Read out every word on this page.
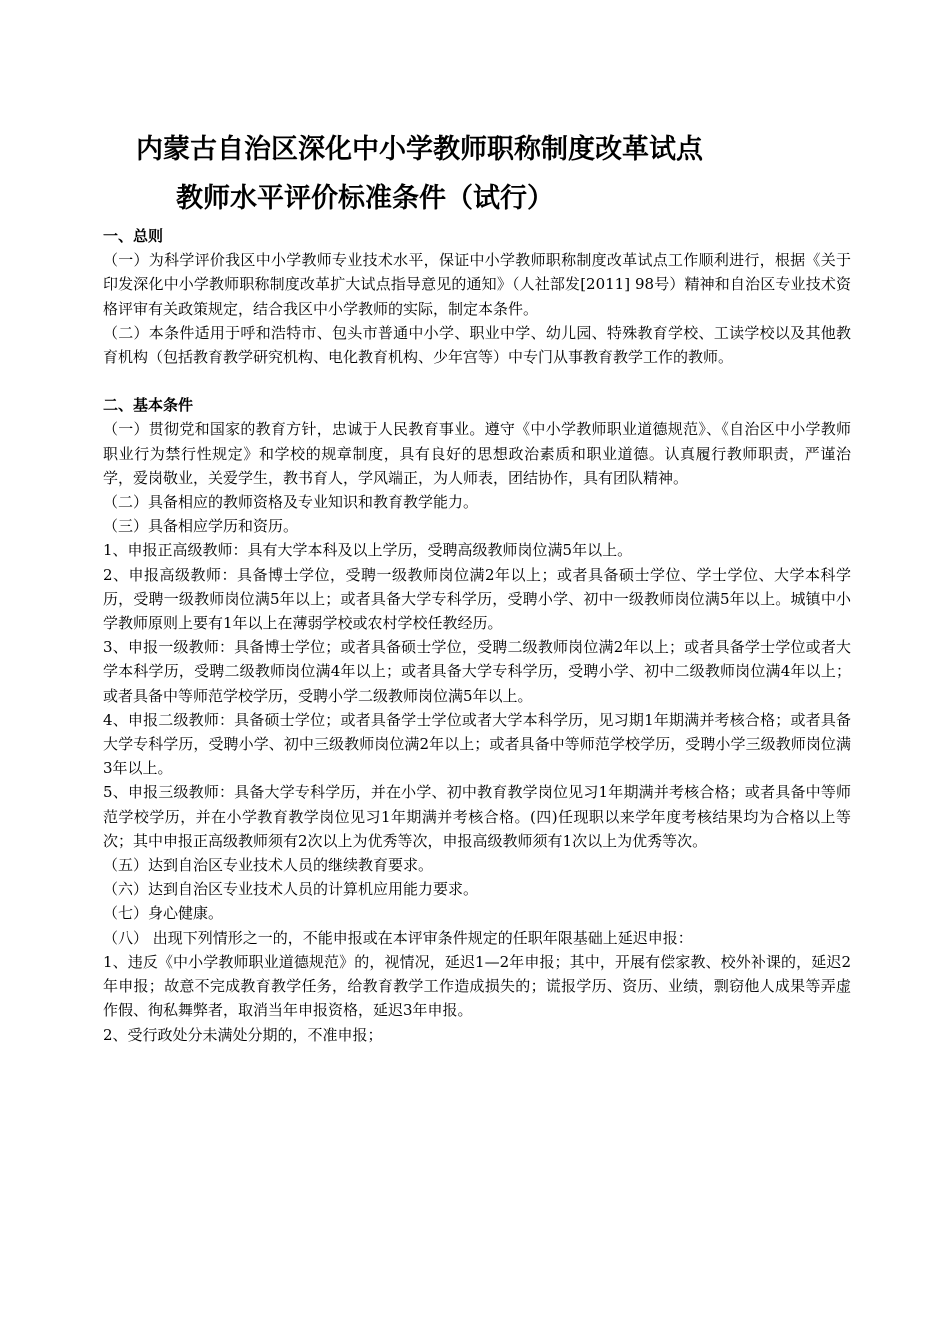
内蒙古自治区深化中小学教师职称制度改革试点
教师水平评价标准条件（试行）

一、总则

（一）为科学评价我区中小学教师专业技术水平，保证中小学教师职称制度改革试点工作顺利进行，根据《关于印发深化中小学教师职称制度改革扩大试点指导意见的通知》（人社部发[2011] 98号）精神和自治区专业技术资格评审有关政策规定，结合我区中小学教师的实际，制定本条件。

（二）本条件适用于呼和浩特市、包头市普通中小学、职业中学、幼儿园、特殊教育学校、工读学校以及其他教育机构（包括教育教学研究机构、电化教育机构、少年宫等）中专门从事教育教学工作的教师。

二、基本条件

（一）贯彻党和国家的教育方针，忠诚于人民教育事业。遵守《中小学教师职业道德规范》、《自治区中小学教师职业行为禁行性规定》和学校的规章制度，具有良好的思想政治素质和职业道德。认真履行教师职责，严谨治学，爱岗敬业，关爱学生，教书育人，学风端正，为人师表，团结协作，具有团队精神。

（二）具备相应的教师资格及专业知识和教育教学能力。

（三）具备相应学历和资历。

1、申报正高级教师：具有大学本科及以上学历，受聘高级教师岗位满5年以上。

2、申报高级教师：具备博士学位，受聘一级教师岗位满2年以上；或者具备硕士学位、学士学位、大学本科学历，受聘一级教师岗位满5年以上；或者具备大学专科学历，受聘小学、初中一级教师岗位满5年以上。城镇中小学教师原则上要有1年以上在薄弱学校或农村学校任教经历。

3、申报一级教师：具备博士学位；或者具备硕士学位，受聘二级教师岗位满2年以上；或者具备学士学位或者大学本科学历，受聘二级教师岗位满4年以上；或者具备大学专科学历，受聘小学、初中二级教师岗位满4年以上；或者具备中等师范学校学历，受聘小学二级教师岗位满5年以上。

4、申报二级教师：具备硕士学位；或者具备学士学位或者大学本科学历，见习期1年期满并考核合格；或者具备大学专科学历，受聘小学、初中三级教师岗位满2年以上；或者具备中等师范学校学历，受聘小学三级教师岗位满3年以上。

5、申报三级教师：具备大学专科学历，并在小学、初中教育教学岗位见习1年期满并考核合格；或者具备中等师范学校学历，并在小学教育教学岗位见习1年期满并考核合格。(四)任现职以来学年度考核结果均为合格以上等次；其中申报正高级教师须有2次以上为优秀等次，申报高级教师须有1次以上为优秀等次。

（五）达到自治区专业技术人员的继续教育要求。

（六）达到自治区专业技术人员的计算机应用能力要求。

（七）身心健康。

（八） 出现下列情形之一的，不能申报或在本评审条件规定的任职年限基础上延迟申报：

1、违反《中小学教师职业道德规范》的，视情况，延迟1—2年申报；其中，开展有偿家教、校外补课的，延迟2年申报；故意不完成教育教学任务，给教育教学工作造成损失的；谎报学历、资历、业绩，剽窃他人成果等弄虚作假、徇私舞弊者，取消当年申报资格，延迟3年申报。

2、受行政处分未满处分期的，不准申报；
